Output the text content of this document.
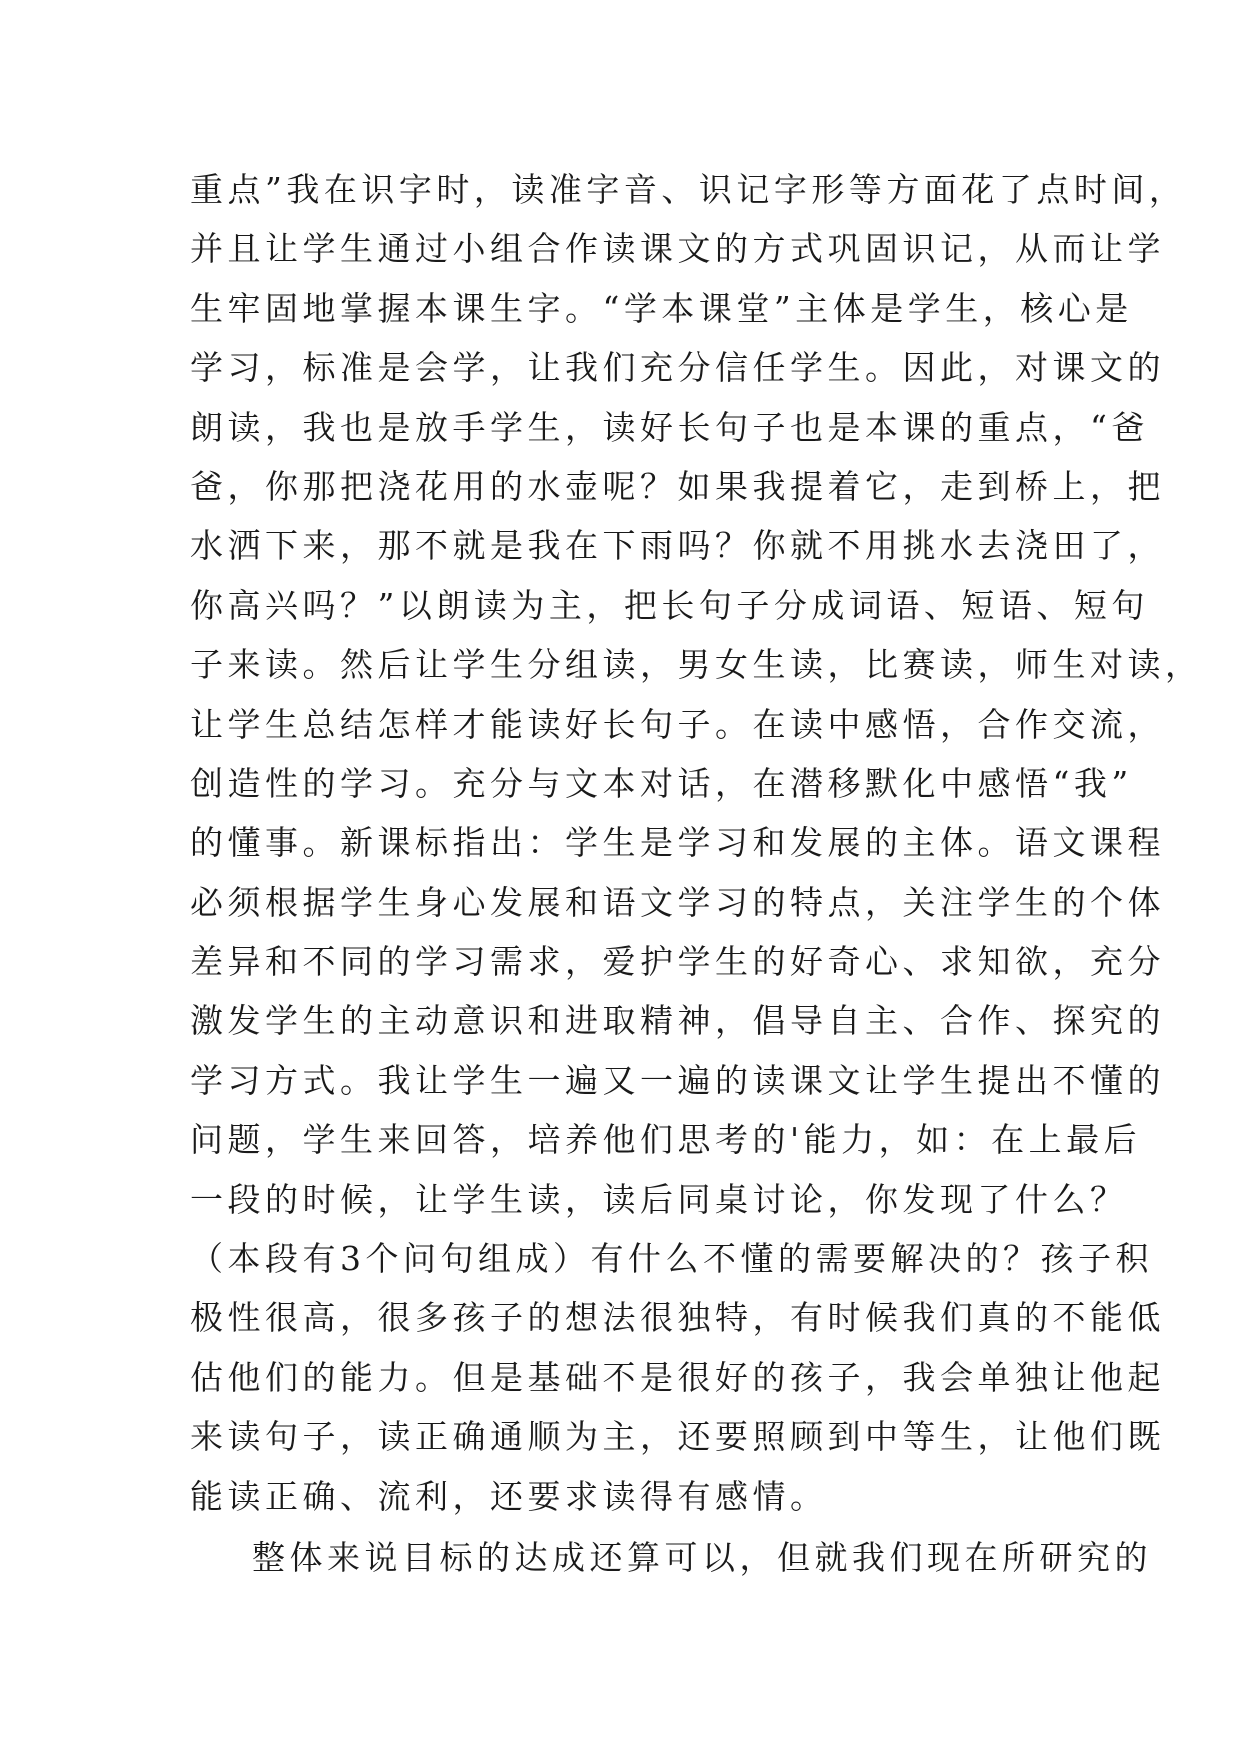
重点”我在识字时，读准字音、识记字形等方面花了点时间，
并且让学生通过小组合作读课文的方式巩固识记，从而让学
生牢固地掌握本课生字。“学本课堂”主体是学生，核心是
学习，标准是会学，让我们充分信任学生。因此，对课文的
朗读，我也是放手学生，读好长句子也是本课的重点，“爸
爸，你那把浇花用的水壶呢？如果我提着它，走到桥上，把
水洒下来，那不就是我在下雨吗？你就不用挑水去浇田了，
你高兴吗？”以朗读为主，把长句子分成词语、短语、短句
子来读。然后让学生分组读，男女生读，比赛读，师生对读，
让学生总结怎样才能读好长句子。在读中感悟，合作交流，
创造性的学习。充分与文本对话，在潜移默化中感悟“我”
的懂事。新课标指出：学生是学习和发展的主体。语文课程
必须根据学生身心发展和语文学习的特点，关注学生的个体
差异和不同的学习需求，爱护学生的好奇心、求知欲，充分
激发学生的主动意识和进取精神，倡导自主、合作、探究的
学习方式。我让学生一遍又一遍的读课文让学生提出不懂的
问题，学生来回答，培养他们思考的'能力，如：在上最后
一段的时候，让学生读，读后同桌讨论，你发现了什么？
（本段有3个问句组成）有什么不懂的需要解决的？孩子积
极性很高，很多孩子的想法很独特，有时候我们真的不能低
估他们的能力。但是基础不是很好的孩子，我会单独让他起
来读句子，读正确通顺为主，还要照顾到中等生，让他们既
能读正确、流利，还要求读得有感情。
整体来说目标的达成还算可以，但就我们现在所研究的
